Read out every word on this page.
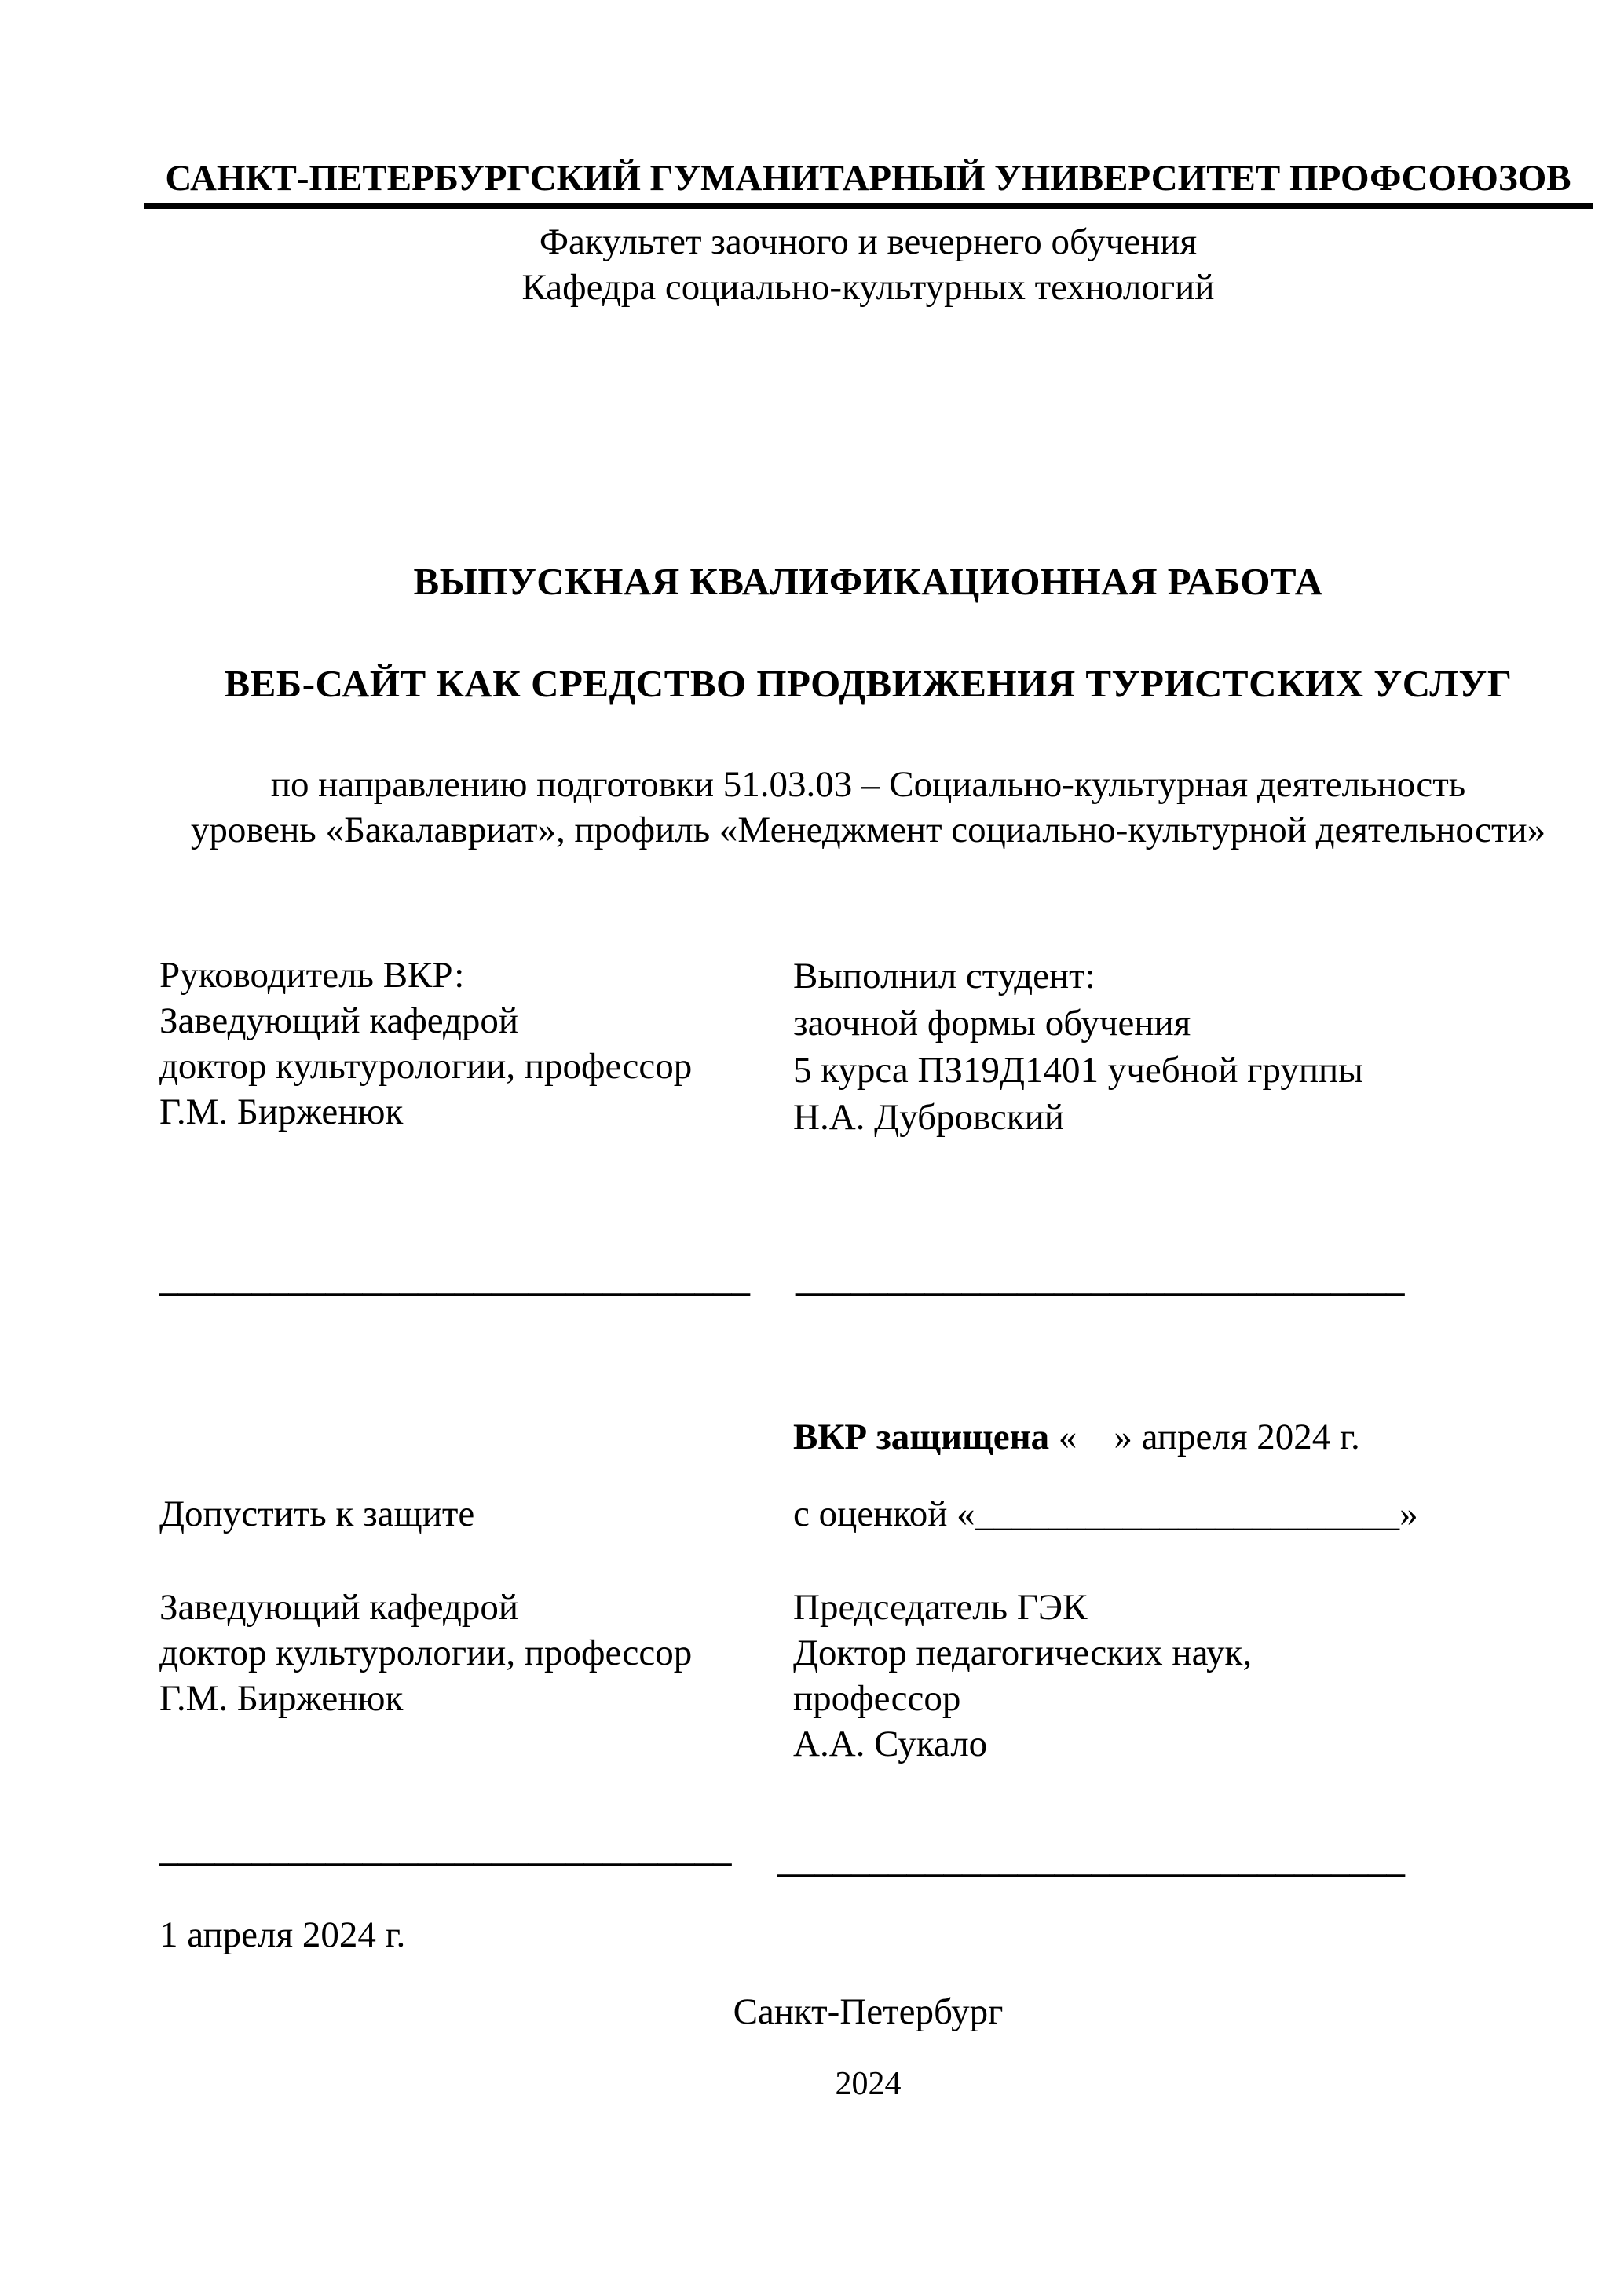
САНКТ-ПЕТЕРБУРГСКИЙ ГУМАНИТАРНЫЙ УНИВЕРСИТЕТ ПРОФСОЮЗОВ
Факультет заочного и вечернего обучения
Кафедра социально-культурных технологий
ВЫПУСКНАЯ КВАЛИФИКАЦИОННАЯ РАБОТА
ВЕБ-САЙТ КАК СРЕДСТВО ПРОДВИЖЕНИЯ ТУРИСТСКИХ УСЛУГ
по направлению подготовки 51.03.03 – Социально-культурная деятельность
уровень «Бакалавриат», профиль «Менеджмент социально-культурной деятельности»
Руководитель ВКР:
Заведующий кафедрой
доктор культурологии, профессор
Г.М. Бирженюк
Выполнил студент:
заочной формы обучения
5 курса ПЗ19Д1401 учебной группы
Н.А. Дубровский
________________________________ _________________________________
ВКР защищена «    » апреля 2024 г.
Допустить к защите	с оценкой «_______________________»
Заведующий кафедрой
доктор культурологии, профессор
Г.М. Бирженюк
Председатель ГЭК
Доктор педагогических наук,
профессор
А.А. Сукало
_______________________________ __________________________________
1 апреля 2024 г.
Санкт-Петербург
2024
